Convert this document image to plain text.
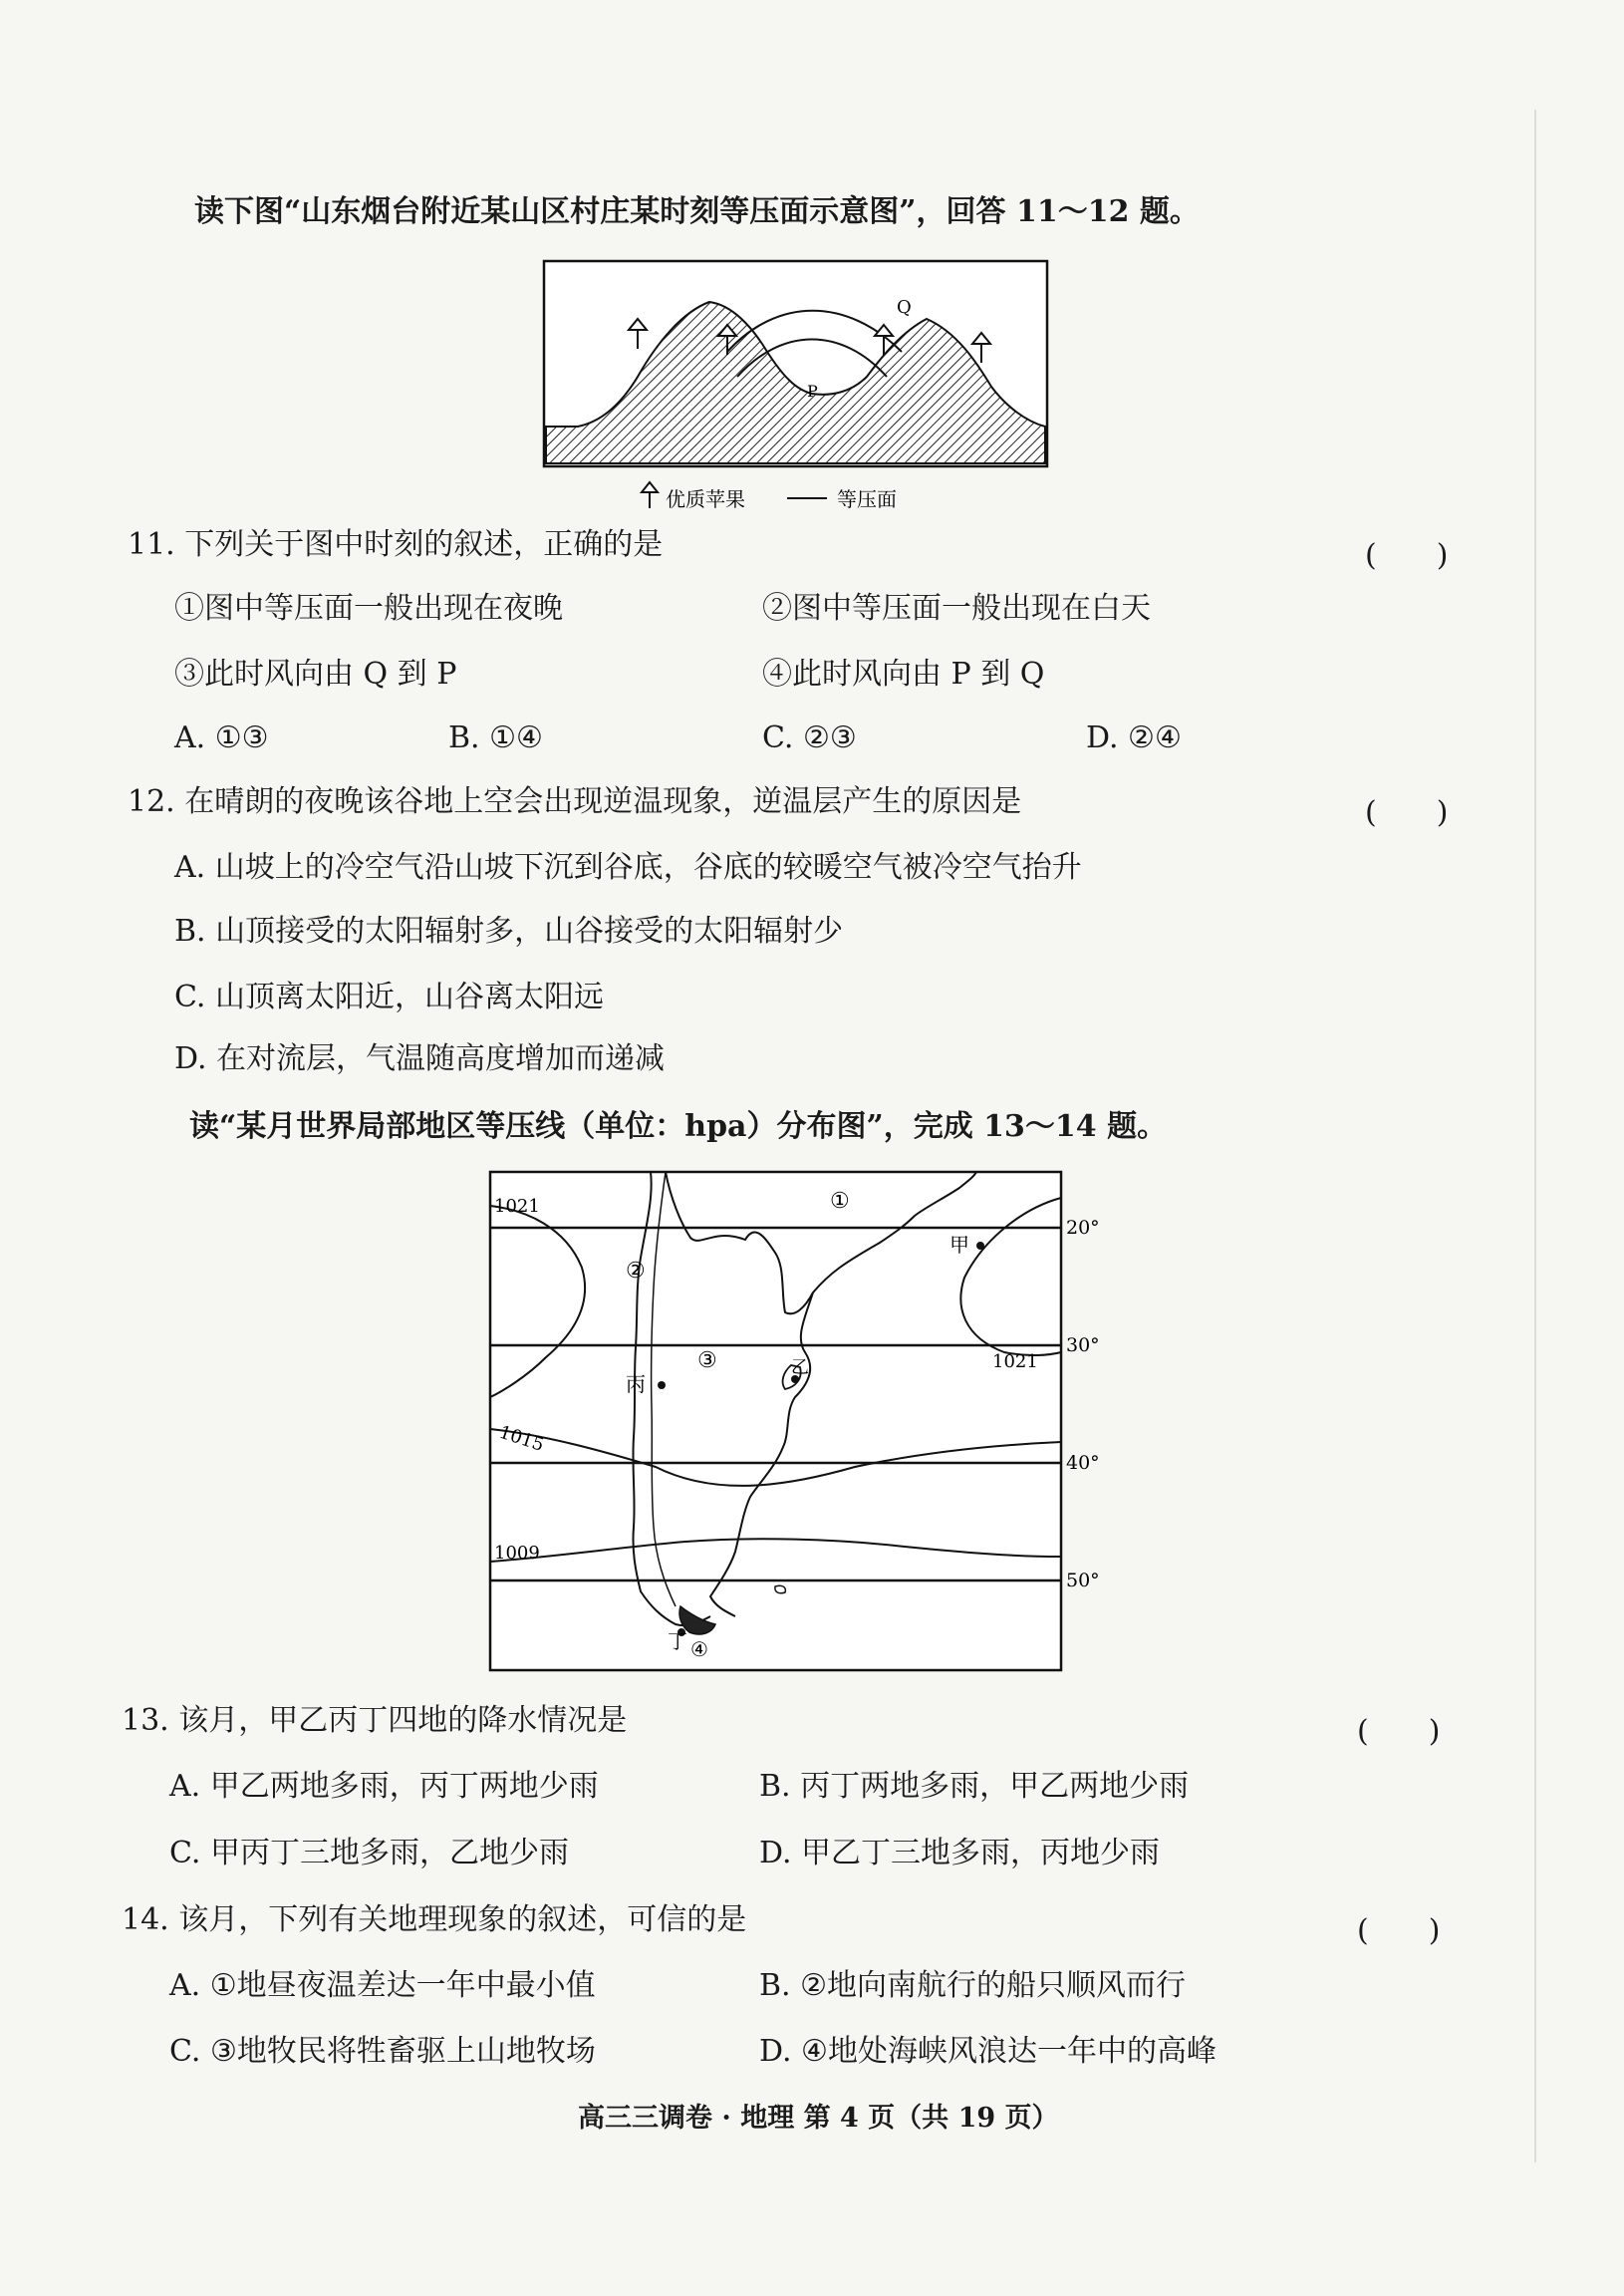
读下图“山东烟台附近某山区村庄某时刻等压面示意图”，回答 11～12 题。
Q
P
优质苹果	等压面
11. 下列关于图中时刻的叙述，正确的是	(　　)
①图中等压面一般出现在夜晚	②图中等压面一般出现在白天
③此时风向由 Q 到 P	④此时风向由 P 到 Q
A. ①③	B. ①④	C. ②③	D. ②④
12. 在晴朗的夜晚该谷地上空会出现逆温现象，逆温层产生的原因是	(　　)
A. 山坡上的冷空气沿山坡下沉到谷底，谷底的较暖空气被冷空气抬升
B. 山顶接受的太阳辐射多，山谷接受的太阳辐射少
C. 山顶离太阳近，山谷离太阳远
D. 在对流层，气温随高度增加而递减
读“某月世界局部地区等压线（单位：hpa）分布图”，完成 13～14 题。
20°
30°
40°
50°
1021
1021
1015
1009
①
②
③
④
甲
乙
丙
丁
13. 该月，甲乙丙丁四地的降水情况是	(　　)
A. 甲乙两地多雨，丙丁两地少雨	B. 丙丁两地多雨，甲乙两地少雨
C. 甲丙丁三地多雨，乙地少雨	D. 甲乙丁三地多雨，丙地少雨
14. 该月，下列有关地理现象的叙述，可信的是	(　　)
A. ①地昼夜温差达一年中最小值	B. ②地向南航行的船只顺风而行
C. ③地牧民将牲畜驱上山地牧场	D. ④地处海峡风浪达一年中的高峰
高三三调卷 · 地理 第 4 页（共 19 页）
